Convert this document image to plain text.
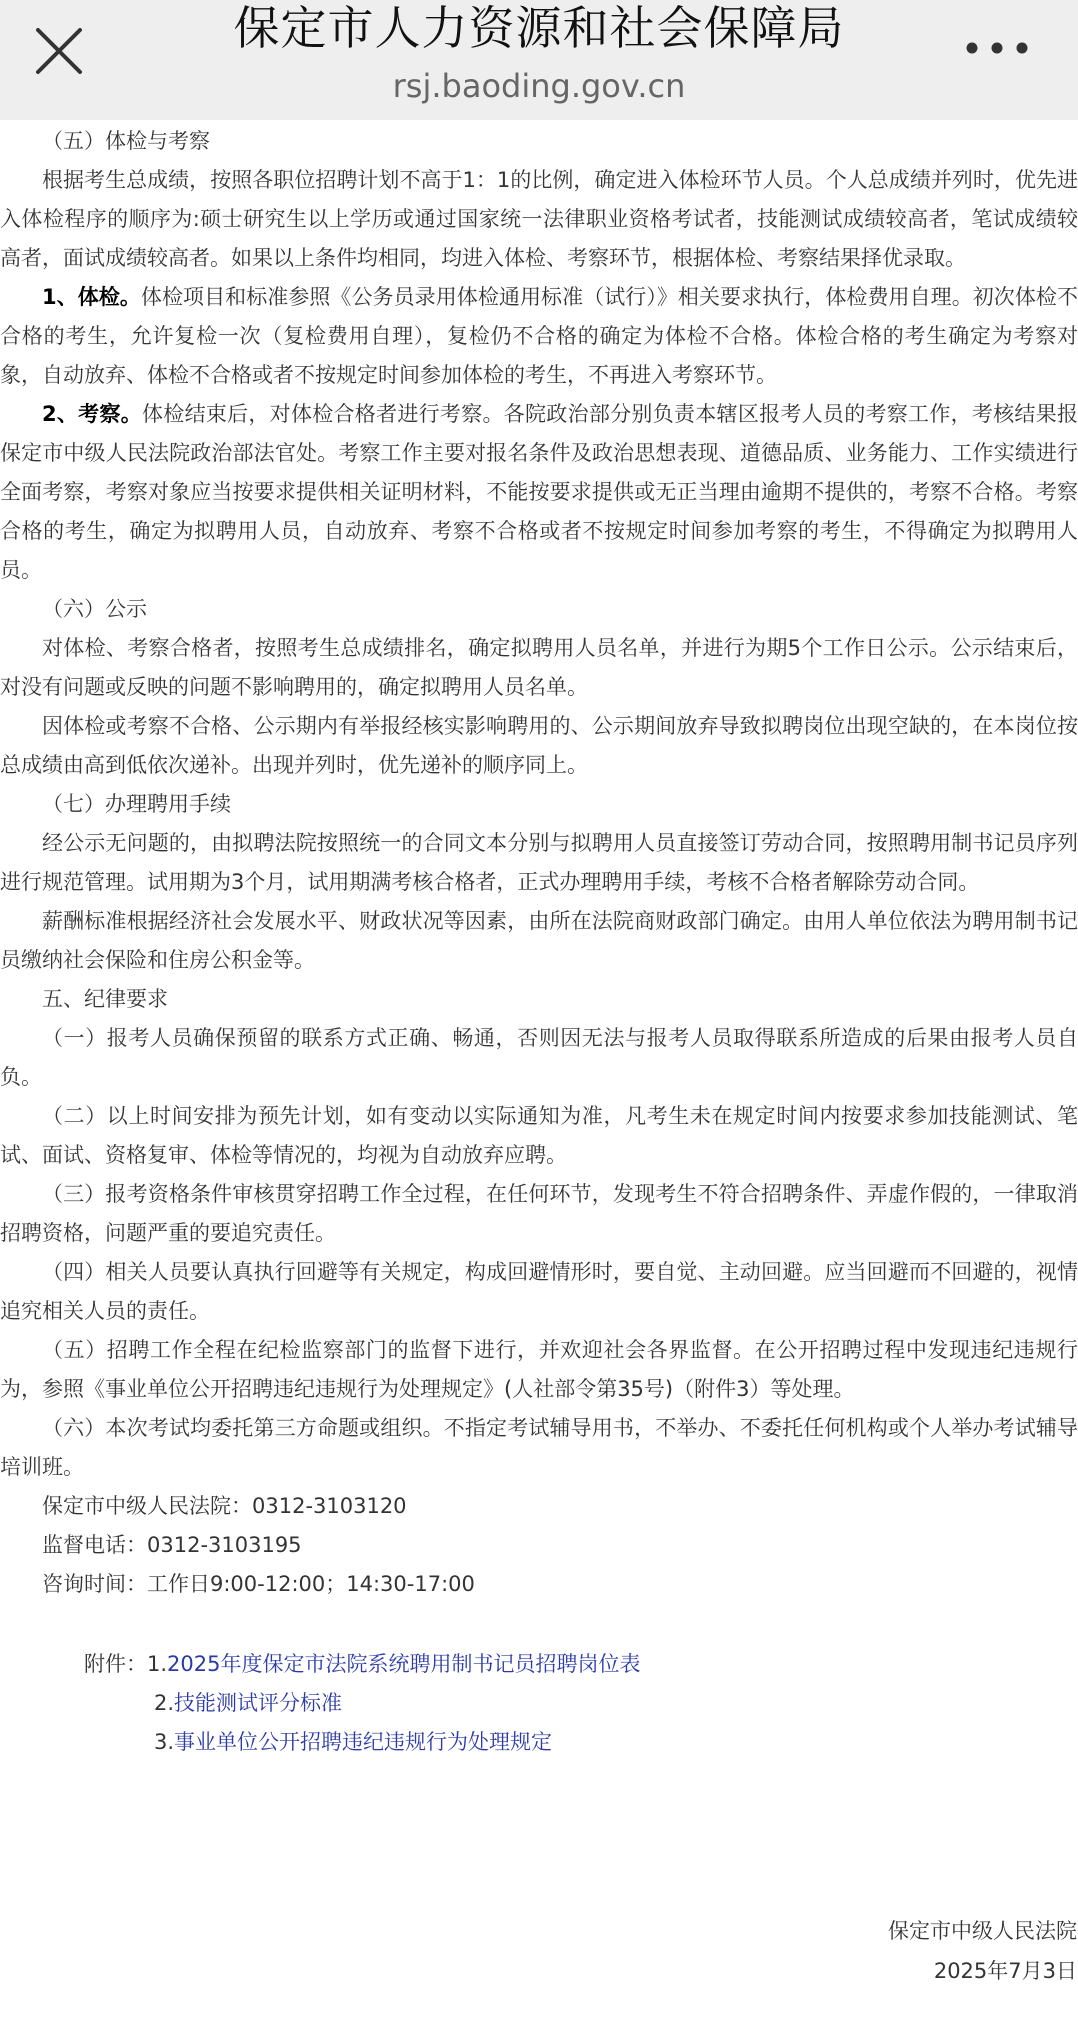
保定市人力资源和社会保障局
rsj.baoding.gov.cn

（五）体检与考察

根据考生总成绩，按照各职位招聘计划不高于1：1的比例，确定进入体检环节人员。个人总成绩并列时，优先进入体检程序的顺序为:硕士研究生以上学历或通过国家统一法律职业资格考试者，技能测试成绩较高者，笔试成绩较高者，面试成绩较高者。如果以上条件均相同，均进入体检、考察环节，根据体检、考察结果择优录取。

1、体检。体检项目和标准参照《公务员录用体检通用标准（试行）》相关要求执行，体检费用自理。初次体检不合格的考生，允许复检一次（复检费用自理），复检仍不合格的确定为体检不合格。体检合格的考生确定为考察对象，自动放弃、体检不合格或者不按规定时间参加体检的考生，不再进入考察环节。

2、考察。体检结束后，对体检合格者进行考察。各院政治部分别负责本辖区报考人员的考察工作，考核结果报保定市中级人民法院政治部法官处。考察工作主要对报名条件及政治思想表现、道德品质、业务能力、工作实绩进行全面考察，考察对象应当按要求提供相关证明材料，不能按要求提供或无正当理由逾期不提供的，考察不合格。考察合格的考生，确定为拟聘用人员，自动放弃、考察不合格或者不按规定时间参加考察的考生，不得确定为拟聘用人员。

（六）公示

对体检、考察合格者，按照考生总成绩排名，确定拟聘用人员名单，并进行为期5个工作日公示。公示结束后，对没有问题或反映的问题不影响聘用的，确定拟聘用人员名单。

因体检或考察不合格、公示期内有举报经核实影响聘用的、公示期间放弃导致拟聘岗位出现空缺的，在本岗位按总成绩由高到低依次递补。出现并列时，优先递补的顺序同上。

（七）办理聘用手续

经公示无问题的，由拟聘法院按照统一的合同文本分别与拟聘用人员直接签订劳动合同，按照聘用制书记员序列进行规范管理。试用期为3个月，试用期满考核合格者，正式办理聘用手续，考核不合格者解除劳动合同。

薪酬标准根据经济社会发展水平、财政状况等因素，由所在法院商财政部门确定。由用人单位依法为聘用制书记员缴纳社会保险和住房公积金等。

五、纪律要求

（一）报考人员确保预留的联系方式正确、畅通，否则因无法与报考人员取得联系所造成的后果由报考人员自负。

（二）以上时间安排为预先计划，如有变动以实际通知为准，凡考生未在规定时间内按要求参加技能测试、笔试、面试、资格复审、体检等情况的，均视为自动放弃应聘。

（三）报考资格条件审核贯穿招聘工作全过程，在任何环节，发现考生不符合招聘条件、弄虚作假的，一律取消招聘资格，问题严重的要追究责任。

（四）相关人员要认真执行回避等有关规定，构成回避情形时，要自觉、主动回避。应当回避而不回避的，视情追究相关人员的责任。

（五）招聘工作全程在纪检监察部门的监督下进行，并欢迎社会各界监督。在公开招聘过程中发现违纪违规行为，参照《事业单位公开招聘违纪违规行为处理规定》(人社部令第35号)（附件3）等处理。

（六）本次考试均委托第三方命题或组织。不指定考试辅导用书，不举办、不委托任何机构或个人举办考试辅导培训班。

保定市中级人民法院：0312-3103120

监督电话：0312-3103195

咨询时间：工作日9:00-12:00；14:30-17:00

附件：1.2025年度保定市法院系统聘用制书记员招聘岗位表

2.技能测试评分标准

3.事业单位公开招聘违纪违规行为处理规定

保定市中级人民法院
2025年7月3日
